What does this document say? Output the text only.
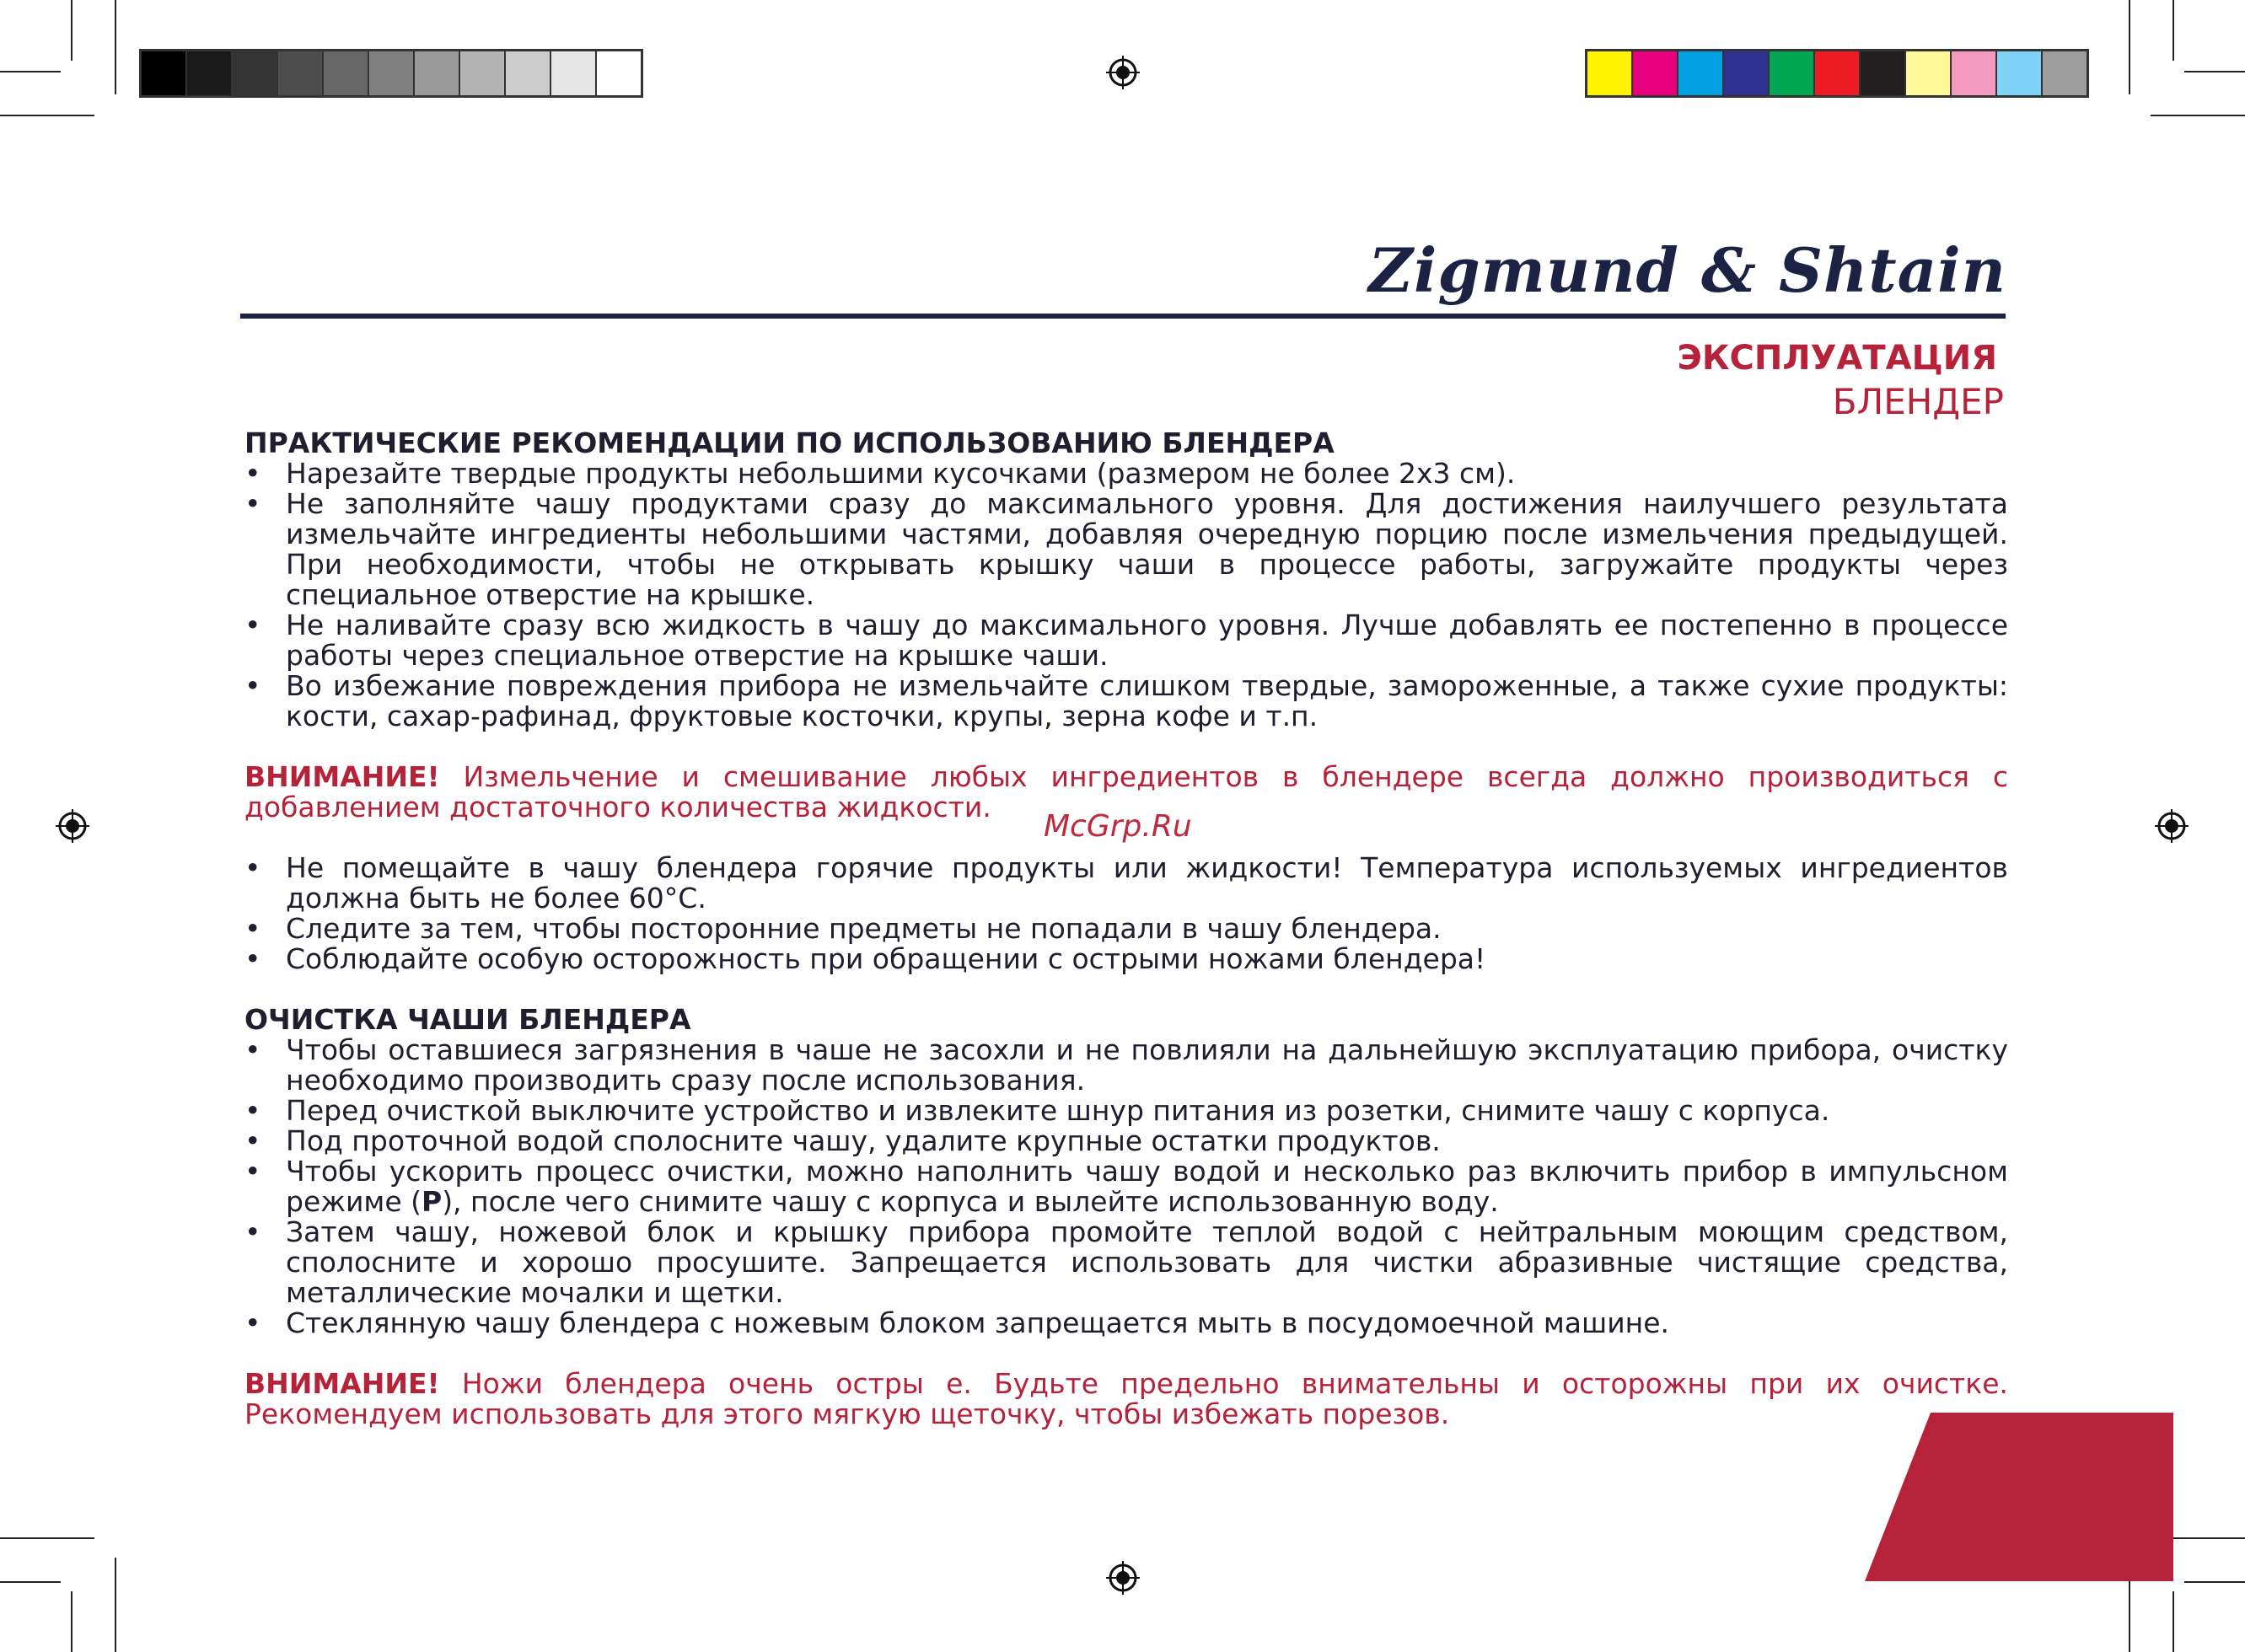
Zigmund & Shtain
ЭКСПЛУАТАЦИЯ
БЛЕНДЕР

ПРАКТИЧЕСКИЕ РЕКОМЕНДАЦИИ ПО ИСПОЛЬЗОВАНИЮ БЛЕНДЕРА

• Нарезайте твердые продукты небольшими кусочками (размером не более 2х3 см).
• Не заполняйте чашу продуктами сразу до максимального уровня. Для достижения наилучшего результата измельчайте ингредиенты небольшими частями, добавляя очередную порцию после измельчения предыдущей. При необходимости, чтобы не открывать крышку чаши в процессе работы, загружайте продукты через специальное отверстие на крышке.
• Не наливайте сразу всю жидкость в чашу до максимального уровня. Лучше добавлять ее постепенно в процессе работы через специальное отверстие на крышке чаши.
• Во избежание повреждения прибора не измельчайте слишком твердые, замороженные, а также сухие продукты: кости, сахар-рафинад, фруктовые косточки, крупы, зерна кофе и т.п.

ВНИМАНИЕ! Измельчение и смешивание любых ингредиентов в блендере всегда должно производиться с добавлением достаточного количества жидкости.

• Не помещайте в чашу блендера горячие продукты или жидкости! Температура используемых ингредиентов должна быть не более 60°С.
• Следите за тем, чтобы посторонние предметы не попадали в чашу блендера.
• Соблюдайте особую осторожность при обращении с острыми ножами блендера!

ОЧИСТКА ЧАШИ БЛЕНДЕРА

• Чтобы оставшиеся загрязнения в чаше не засохли и не повлияли на дальнейшую эксплуатацию прибора, очистку необходимо производить сразу после использования.
• Перед очисткой выключите устройство и извлеките шнур питания из розетки, снимите чашу с корпуса.
• Под проточной водой сполосните чашу, удалите крупные остатки продуктов.
• Чтобы ускорить процесс очистки, можно наполнить чашу водой и несколько раз включить прибор в импульсном режиме (P), после чего снимите чашу с корпуса и вылейте использованную воду.
• Затем чашу, ножевой блок и крышку прибора промойте теплой водой с нейтральным моющим средством, сполосните и хорошо просушите. Запрещается использовать для чистки абразивные чистящие средства, металлические мочалки и щетки.
• Стеклянную чашу блендера с ножевым блоком запрещается мыть в посудомоечной машине.

ВНИМАНИЕ! Ножи блендера очень остры е. Будьте предельно внимательны и осторожны при их очистке. Рекомендуем использовать для этого мягкую щеточку, чтобы избежать порезов.

McGrp.Ru
